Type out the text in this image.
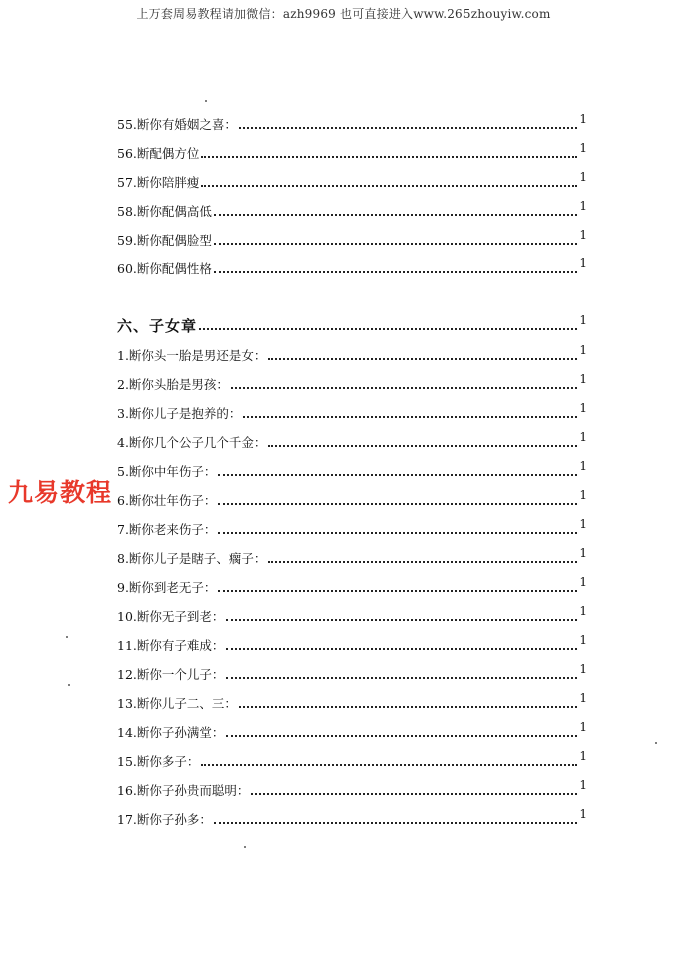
上万套周易教程请加微信：azh9969 也可直接进入www.265zhouyiw.com
九易教程
55.断你有婚姻之喜：	1
56.断配偶方位	1
57.断你陪胖瘦	1
58.断你配偶高低	1
59.断你配偶脸型	1
60.断你配偶性格	1
六、子女章	1
1.断你头一胎是男还是女：	1
2.断你头胎是男孩：	1
3.断你儿子是抱养的：	1
4.断你几个公子几个千金：	1
5.断你中年伤子：	1
6.断你壮年伤子：	1
7.断你老来伤子：	1
8.断你儿子是瞎子、瘸子：	1
9.断你到老无子：	1
10.断你无子到老：	1
11.断你有子难成：	1
12.断你一个儿子：	1
13.断你儿子二、三：	1
14.断你子孙满堂：	1
15.断你多子：	1
16.断你子孙贵而聪明：	1
17.断你子孙多：	1
